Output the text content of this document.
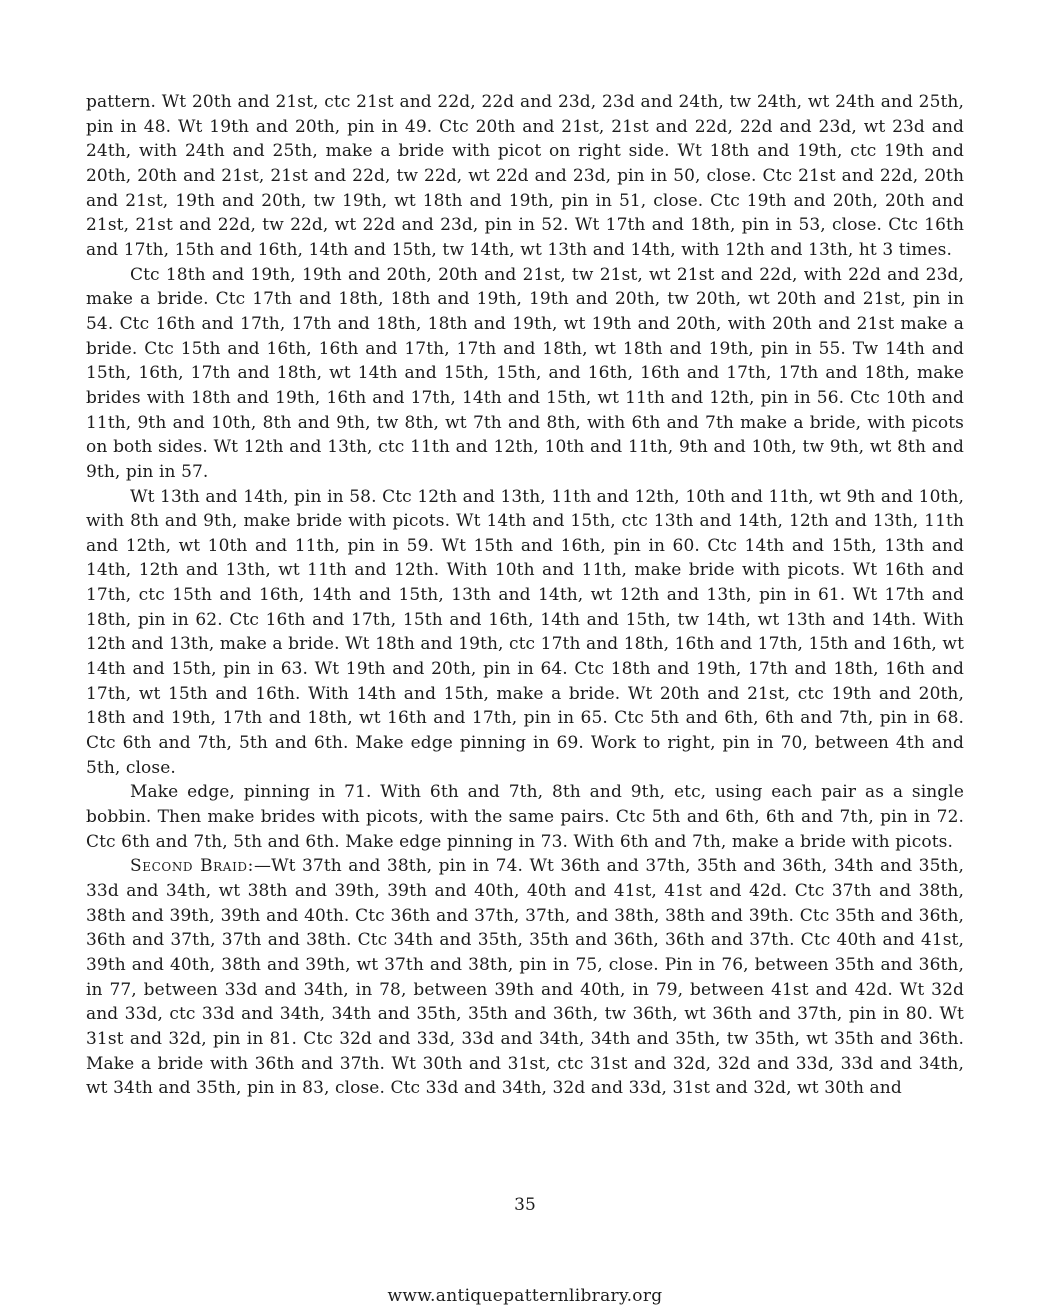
pattern. Wt 20th and 21st, ctc 21st and 22d, 22d and 23d, 23d and 24th, tw 24th, wt 24th and 25th, pin in 48. Wt 19th and 20th, pin in 49. Ctc 20th and 21st, 21st and 22d, 22d and 23d, wt 23d and 24th, with 24th and 25th, make a bride with picot on right side. Wt 18th and 19th, ctc 19th and 20th, 20th and 21st, 21st and 22d, tw 22d, wt 22d and 23d, pin in 50, close. Ctc 21st and 22d, 20th and 21st, 19th and 20th, tw 19th, wt 18th and 19th, pin in 51, close. Ctc 19th and 20th, 20th and 21st, 21st and 22d, tw 22d, wt 22d and 23d, pin in 52. Wt 17th and 18th, pin in 53, close. Ctc 16th and 17th, 15th and 16th, 14th and 15th, tw 14th, wt 13th and 14th, with 12th and 13th, ht 3 times.

Ctc 18th and 19th, 19th and 20th, 20th and 21st, tw 21st, wt 21st and 22d, with 22d and 23d, make a bride. Ctc 17th and 18th, 18th and 19th, 19th and 20th, tw 20th, wt 20th and 21st, pin in 54. Ctc 16th and 17th, 17th and 18th, 18th and 19th, wt 19th and 20th, with 20th and 21st make a bride. Ctc 15th and 16th, 16th and 17th, 17th and 18th, wt 18th and 19th, pin in 55. Tw 14th and 15th, 16th, 17th and 18th, wt 14th and 15th, 15th, and 16th, 16th and 17th, 17th and 18th, make brides with 18th and 19th, 16th and 17th, 14th and 15th, wt 11th and 12th, pin in 56. Ctc 10th and 11th, 9th and 10th, 8th and 9th, tw 8th, wt 7th and 8th, with 6th and 7th make a bride, with picots on both sides. Wt 12th and 13th, ctc 11th and 12th, 10th and 11th, 9th and 10th, tw 9th, wt 8th and 9th, pin in 57.

Wt 13th and 14th, pin in 58. Ctc 12th and 13th, 11th and 12th, 10th and 11th, wt 9th and 10th, with 8th and 9th, make bride with picots. Wt 14th and 15th, ctc 13th and 14th, 12th and 13th, 11th and 12th, wt 10th and 11th, pin in 59. Wt 15th and 16th, pin in 60. Ctc 14th and 15th, 13th and 14th, 12th and 13th, wt 11th and 12th. With 10th and 11th, make bride with picots. Wt 16th and 17th, ctc 15th and 16th, 14th and 15th, 13th and 14th, wt 12th and 13th, pin in 61. Wt 17th and 18th, pin in 62. Ctc 16th and 17th, 15th and 16th, 14th and 15th, tw 14th, wt 13th and 14th. With 12th and 13th, make a bride. Wt 18th and 19th, ctc 17th and 18th, 16th and 17th, 15th and 16th, wt 14th and 15th, pin in 63. Wt 19th and 20th, pin in 64. Ctc 18th and 19th, 17th and 18th, 16th and 17th, wt 15th and 16th. With 14th and 15th, make a bride. Wt 20th and 21st, ctc 19th and 20th, 18th and 19th, 17th and 18th, wt 16th and 17th, pin in 65. Ctc 5th and 6th, 6th and 7th, pin in 68. Ctc 6th and 7th, 5th and 6th. Make edge pinning in 69. Work to right, pin in 70, between 4th and 5th, close.

Make edge, pinning in 71. With 6th and 7th, 8th and 9th, etc, using each pair as a single bobbin. Then make brides with picots, with the same pairs. Ctc 5th and 6th, 6th and 7th, pin in 72. Ctc 6th and 7th, 5th and 6th. Make edge pinning in 73. With 6th and 7th, make a bride with picots.

Second Braid:—Wt 37th and 38th, pin in 74. Wt 36th and 37th, 35th and 36th, 34th and 35th, 33d and 34th, wt 38th and 39th, 39th and 40th, 40th and 41st, 41st and 42d. Ctc 37th and 38th, 38th and 39th, 39th and 40th. Ctc 36th and 37th, 37th, and 38th, 38th and 39th. Ctc 35th and 36th, 36th and 37th, 37th and 38th. Ctc 34th and 35th, 35th and 36th, 36th and 37th. Ctc 40th and 41st, 39th and 40th, 38th and 39th, wt 37th and 38th, pin in 75, close. Pin in 76, between 35th and 36th, in 77, between 33d and 34th, in 78, between 39th and 40th, in 79, between 41st and 42d. Wt 32d and 33d, ctc 33d and 34th, 34th and 35th, 35th and 36th, tw 36th, wt 36th and 37th, pin in 80. Wt 31st and 32d, pin in 81. Ctc 32d and 33d, 33d and 34th, 34th and 35th, tw 35th, wt 35th and 36th. Make a bride with 36th and 37th. Wt 30th and 31st, ctc 31st and 32d, 32d and 33d, 33d and 34th, wt 34th and 35th, pin in 83, close. Ctc 33d and 34th, 32d and 33d, 31st and 32d, wt 30th and

35
www.antiquepatternlibrary.org
